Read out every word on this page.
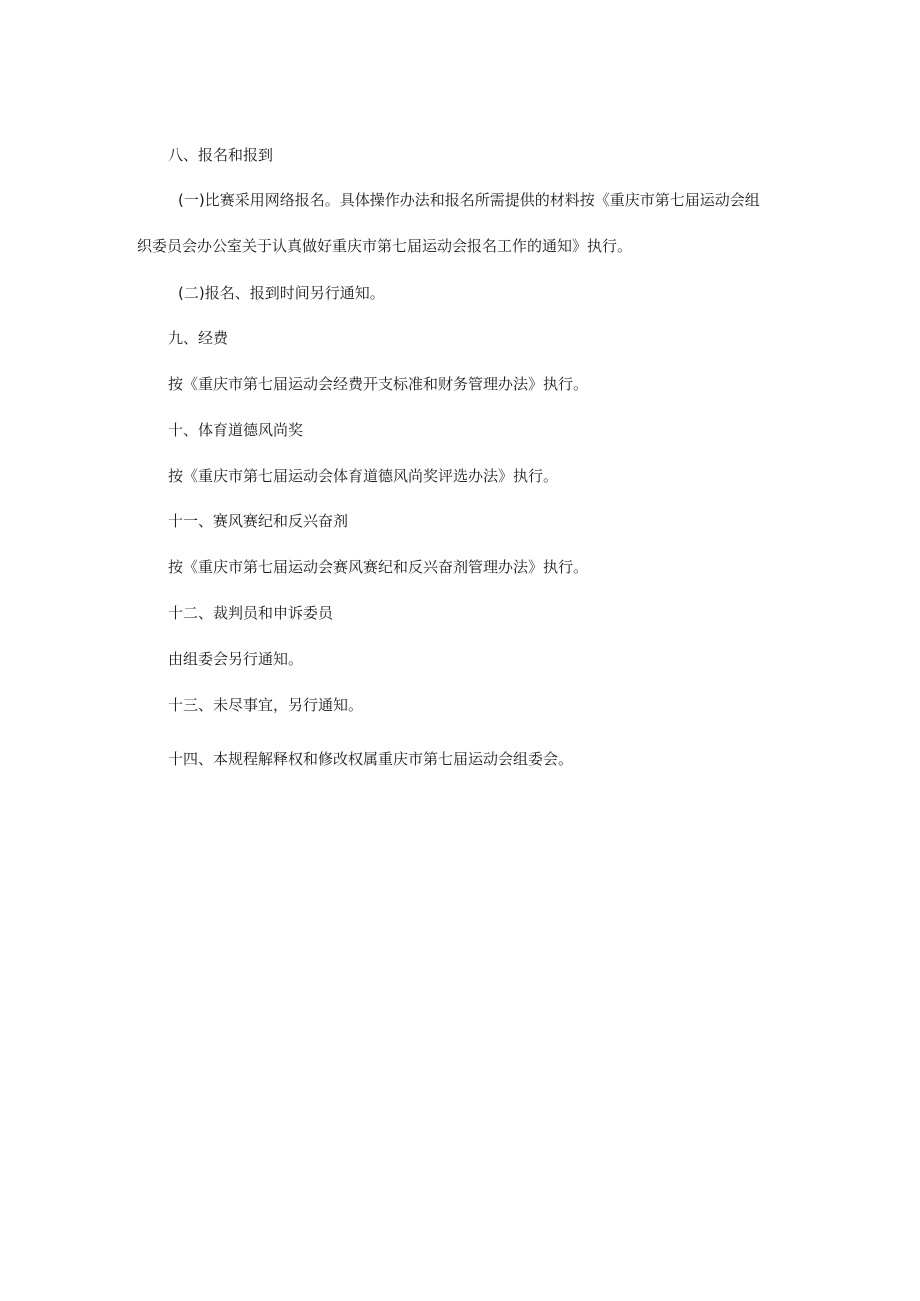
八、报名和报到
(一)比赛采用网络报名。具体操作办法和报名所需提供的材料按《重庆市第七届运动会组
织委员会办公室关于认真做好重庆市第七届运动会报名工作的通知》执行。
(二)报名、报到时间另行通知。
九、经费
按《重庆市第七届运动会经费开支标准和财务管理办法》执行。
十、体育道德风尚奖
按《重庆市第七届运动会体育道德风尚奖评选办法》执行。
十一、赛风赛纪和反兴奋剂
按《重庆市第七届运动会赛风赛纪和反兴奋剂管理办法》执行。
十二、裁判员和申诉委员
由组委会另行通知。
十三、未尽事宜，另行通知。
十四、本规程解释权和修改权属重庆市第七届运动会组委会。
